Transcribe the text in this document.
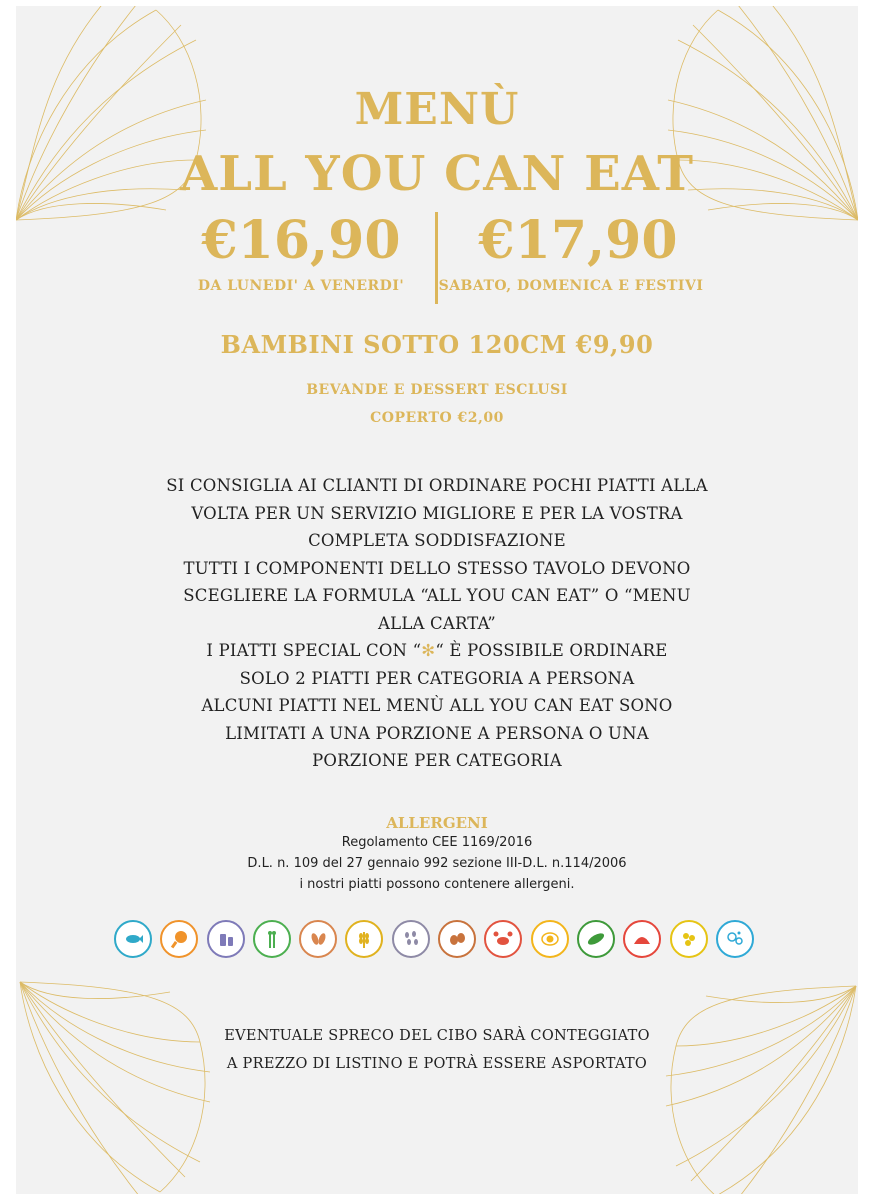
MENÙ
ALL YOU CAN EAT
€16,90	€17,90
DA LUNEDI' A VENERDI'	SABATO, DOMENICA E FESTIVI
BAMBINI SOTTO 120CM €9,90
BEVANDE E DESSERT ESCLUSI
COPERTO €2,00
SI CONSIGLIA AI CLIANTI DI ORDINARE POCHI PIATTI ALLA
VOLTA PER UN SERVIZIO MIGLIORE E PER LA VOSTRA
COMPLETA SODDISFAZIONE
TUTTI I COMPONENTI DELLO STESSO TAVOLO DEVONO
SCEGLIERE LA FORMULA “ALL YOU CAN EAT” O “MENU
ALLA CARTA”
I PIATTI SPECIAL CON “✻“ È POSSIBILE ORDINARE
SOLO 2 PIATTI PER CATEGORIA A PERSONA
ALCUNI PIATTI NEL MENÙ ALL YOU CAN EAT SONO
LIMITATI A UNA PORZIONE A PERSONA O UNA
PORZIONE PER CATEGORIA
ALLERGENI
Regolamento CEE 1169/2016
D.L. n. 109 del 27 gennaio 992 sezione III-D.L. n.114/2006
i nostri piatti possono contenere allergeni.
EVENTUALE SPRECO DEL CIBO SARÀ CONTEGGIATO
A PREZZO DI LISTINO E POTRÀ ESSERE ASPORTATO
